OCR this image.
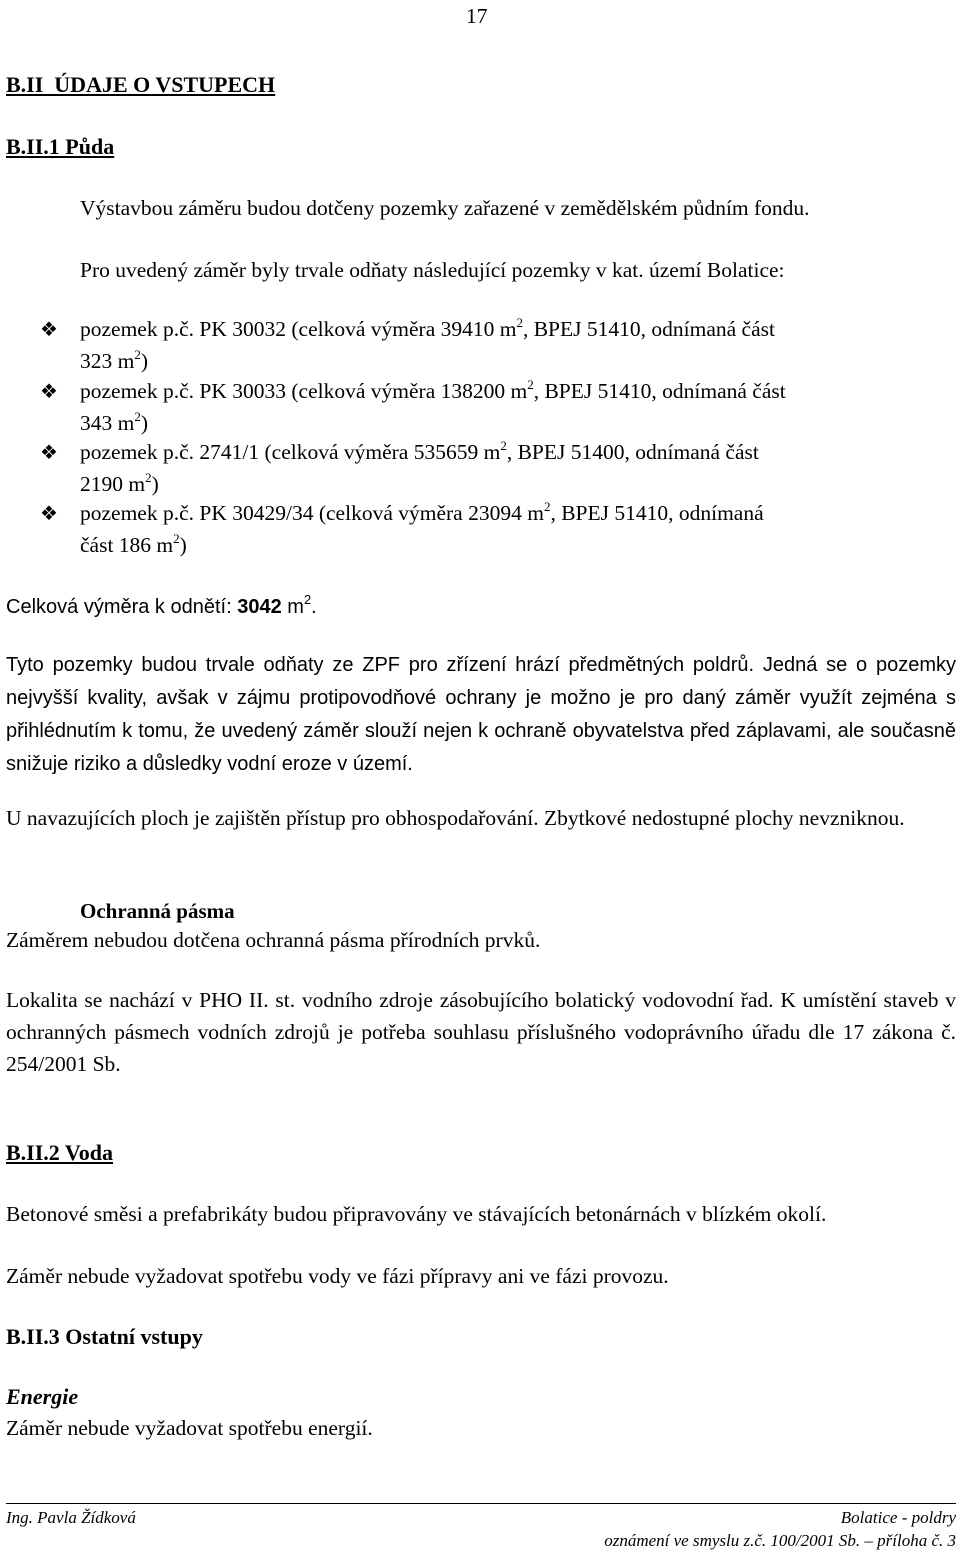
17
B.II  ÚDAJE O VSTUPECH
B.II.1 Půda
Výstavbou záměru budou dotčeny pozemky zařazené v zemědělském půdním fondu.
Pro uvedený záměr byly trvale odňaty následující pozemky v kat. území Bolatice:
❖ pozemek p.č. PK 30032 (celková výměra 39410 $m^2$, BPEJ 51410, odnímaná část
323 $m^2$)
❖ pozemek p.č. PK 30033 (celková výměra 138200 $m^2$, BPEJ 51410, odnímaná část
343 $m^2$)
❖ pozemek p.č. 2741/1 (celková výměra 535659 $m^2$, BPEJ 51400, odnímaná část
2190 $m^2$)
❖ pozemek p.č. PK 30429/34 (celková výměra 23094 $m^2$, BPEJ 51410, odnímaná
část 186 $m^2$)
Celková výměra k odnětí: 3042 $m^2$.
Tyto pozemky budou trvale odňaty ze ZPF pro zřízení hrází předmětných poldrů. Jedná se o pozemky nejvyšší kvality, avšak v zájmu protipovodňové ochrany je možno je pro daný záměr využít zejména s přihlédnutím k tomu, že uvedený záměr slouží nejen k ochraně obyvatelstva před záplavami, ale současně snižuje riziko a důsledky vodní eroze v území.
U navazujících ploch je zajištěn přístup pro obhospodařování. Zbytkové nedostupné plochy nevzniknou.
Ochranná pásma
Záměrem nebudou dotčena ochranná pásma přírodních prvků.
Lokalita se nachází v PHO II. st. vodního zdroje zásobujícího bolatický vodovodní řad. K umístění staveb v ochranných pásmech vodních zdrojů je potřeba souhlasu příslušného vodoprávního úřadu dle 17 zákona č. 254/2001 Sb.
B.II.2 Voda
Betonové směsi a prefabrikáty budou připravovány ve stávajících betonárnách v blízkém okolí.
Záměr nebude vyžadovat spotřebu vody ve fázi přípravy ani ve fázi provozu.
B.II.3 Ostatní vstupy
Energie
Záměr nebude vyžadovat spotřebu energií.
Ing. Pavla Žídková	Bolatice - poldry
oznámení ve smyslu z.č. 100/2001 Sb. – příloha č. 3
